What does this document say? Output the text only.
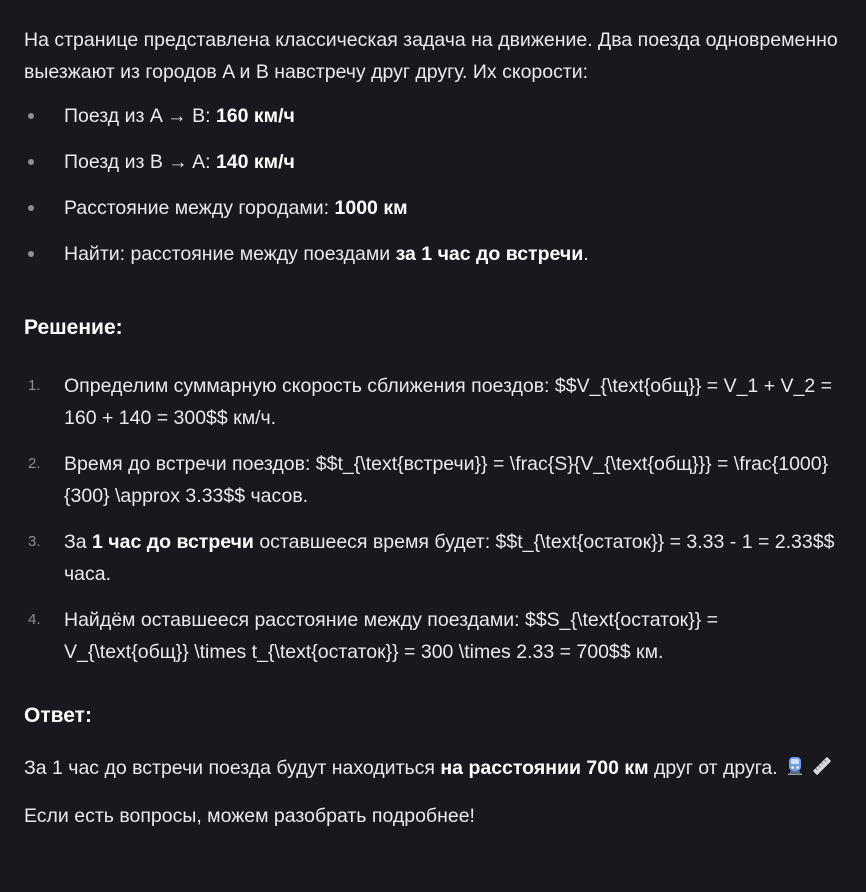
На странице представлена классическая задача на движение. Два поезда одновременно выезжают из городов A и B навстречу друг другу. Их скорости:

Поезд из A → B: 160 км/ч
Поезд из B → A: 140 км/ч
Расстояние между городами: 1000 км
Найти: расстояние между поездами за 1 час до встречи.
Решение:
1. Определим суммарную скорость сближения поездов: $$V_{\text{общ}} = V_1 + V_2 = 160 + 140 = 300$$ км/ч.
2. Время до встречи поездов: $$t_{\text{встречи}} = \frac{S}{V_{\text{общ}}} = \frac{1000}{300} \approx 3.33$$ часов.
3. За 1 час до встречи оставшееся время будет: $$t_{\text{остаток}} = 3.33 - 1 = 2.33$$ часа.
4. Найдём оставшееся расстояние между поездами: $$S_{\text{остаток}} = V_{\text{общ}} \times t_{\text{остаток}} = 300 \times 2.33 = 700$$ км.
Ответ:

За 1 час до встречи поезда будут находиться на расстоянии 700 км друг от друга.

Если есть вопросы, можем разобрать подробнее!
